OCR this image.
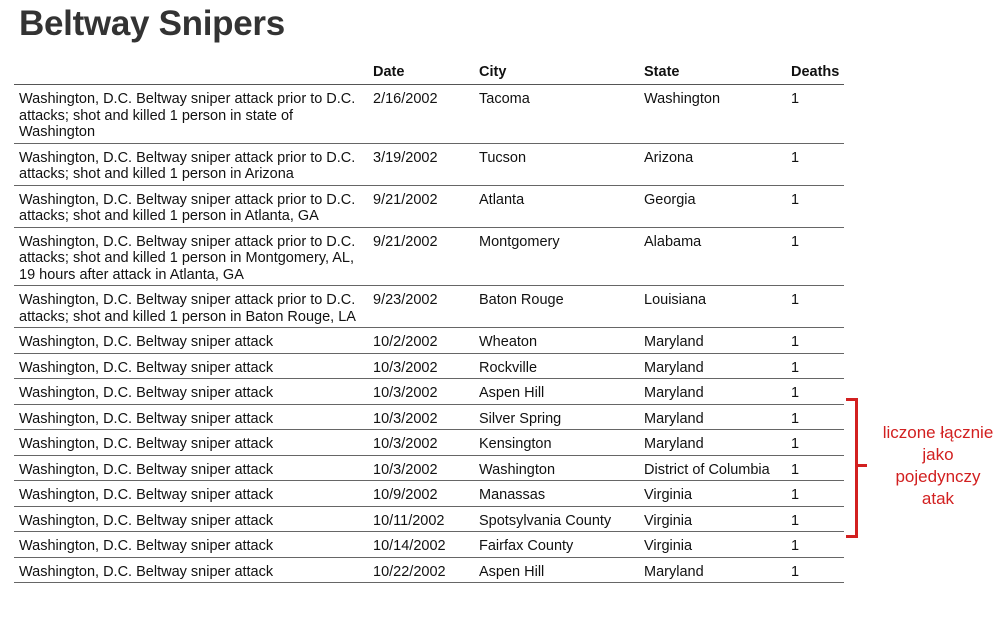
Beltway Snipers
	Date	City	State	Deaths
Washington, D.C. Beltway sniper attack prior to D.C. attacks; shot and killed 1 person in state of Washington	2/16/2002	Tacoma	Washington	1
Washington, D.C. Beltway sniper attack prior to D.C. attacks; shot and killed 1 person in Arizona	3/19/2002	Tucson	Arizona	1
Washington, D.C. Beltway sniper attack prior to D.C. attacks; shot and killed 1 person in Atlanta, GA	9/21/2002	Atlanta	Georgia	1
Washington, D.C. Beltway sniper attack prior to D.C. attacks; shot and killed 1 person in Montgomery, AL, 19 hours after attack in Atlanta, GA	9/21/2002	Montgomery	Alabama	1
Washington, D.C. Beltway sniper attack prior to D.C. attacks; shot and killed 1 person in Baton Rouge, LA	9/23/2002	Baton Rouge	Louisiana	1
Washington, D.C. Beltway sniper attack	10/2/2002	Wheaton	Maryland	1
Washington, D.C. Beltway sniper attack	10/3/2002	Rockville	Maryland	1
Washington, D.C. Beltway sniper attack	10/3/2002	Aspen Hill	Maryland	1
Washington, D.C. Beltway sniper attack	10/3/2002	Silver Spring	Maryland	1
Washington, D.C. Beltway sniper attack	10/3/2002	Kensington	Maryland	1
Washington, D.C. Beltway sniper attack	10/3/2002	Washington	District of Columbia	1
Washington, D.C. Beltway sniper attack	10/9/2002	Manassas	Virginia	1
Washington, D.C. Beltway sniper attack	10/11/2002	Spotsylvania County	Virginia	1
Washington, D.C. Beltway sniper attack	10/14/2002	Fairfax County	Virginia	1
Washington, D.C. Beltway sniper attack	10/22/2002	Aspen Hill	Maryland	1
liczone łącznie jako pojedynczy atak
